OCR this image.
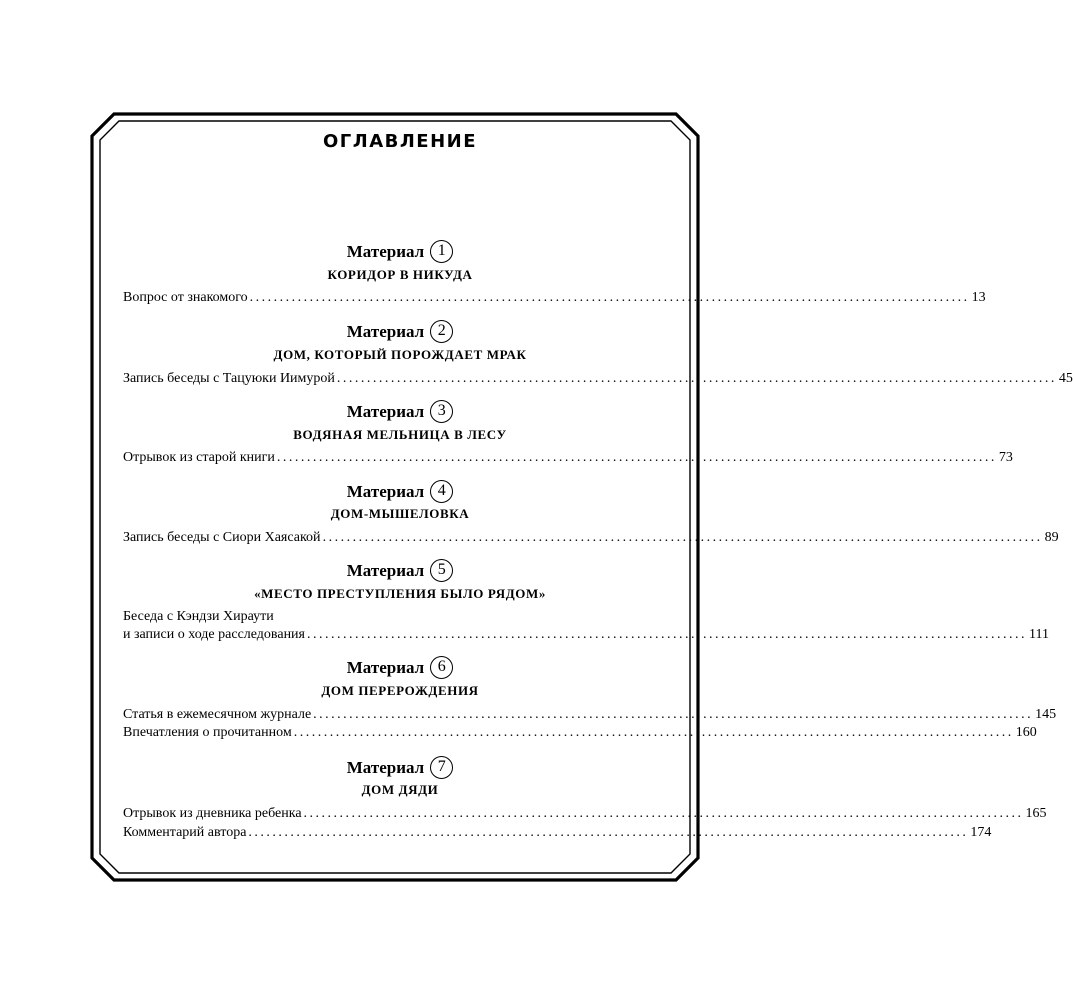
ОГЛАВЛЕНИЕ
Материал 1
КОРИДОР В НИКУДА
Вопрос от знакомого ........................................................................................................................ 13
Материал 2
ДОМ, КОТОРЫЙ ПОРОЖДАЕТ МРАК
Запись беседы с Тацуюки Иимурой ........................................................................................................................ 45
Материал 3
ВОДЯНАЯ МЕЛЬНИЦА В ЛЕСУ
Отрывок из старой книги ........................................................................................................................ 73
Материал 4
ДОМ-МЫШЕЛОВКА
Запись беседы с Сиори Хаясакой ........................................................................................................................ 89
Материал 5
«МЕСТО ПРЕСТУПЛЕНИЯ БЫЛО РЯДОМ»
Беседа с Кэндзи Хираути
и записи о ходе расследования ........................................................................................................................ 111
Материал 6
ДОМ ПЕРЕРОЖДЕНИЯ
Статья в ежемесячном журнале ........................................................................................................................ 145
Впечатления о прочитанном ........................................................................................................................ 160
Материал 7
ДОМ ДЯДИ
Отрывок из дневника ребенка ........................................................................................................................ 165
Комментарий автора ........................................................................................................................ 174
